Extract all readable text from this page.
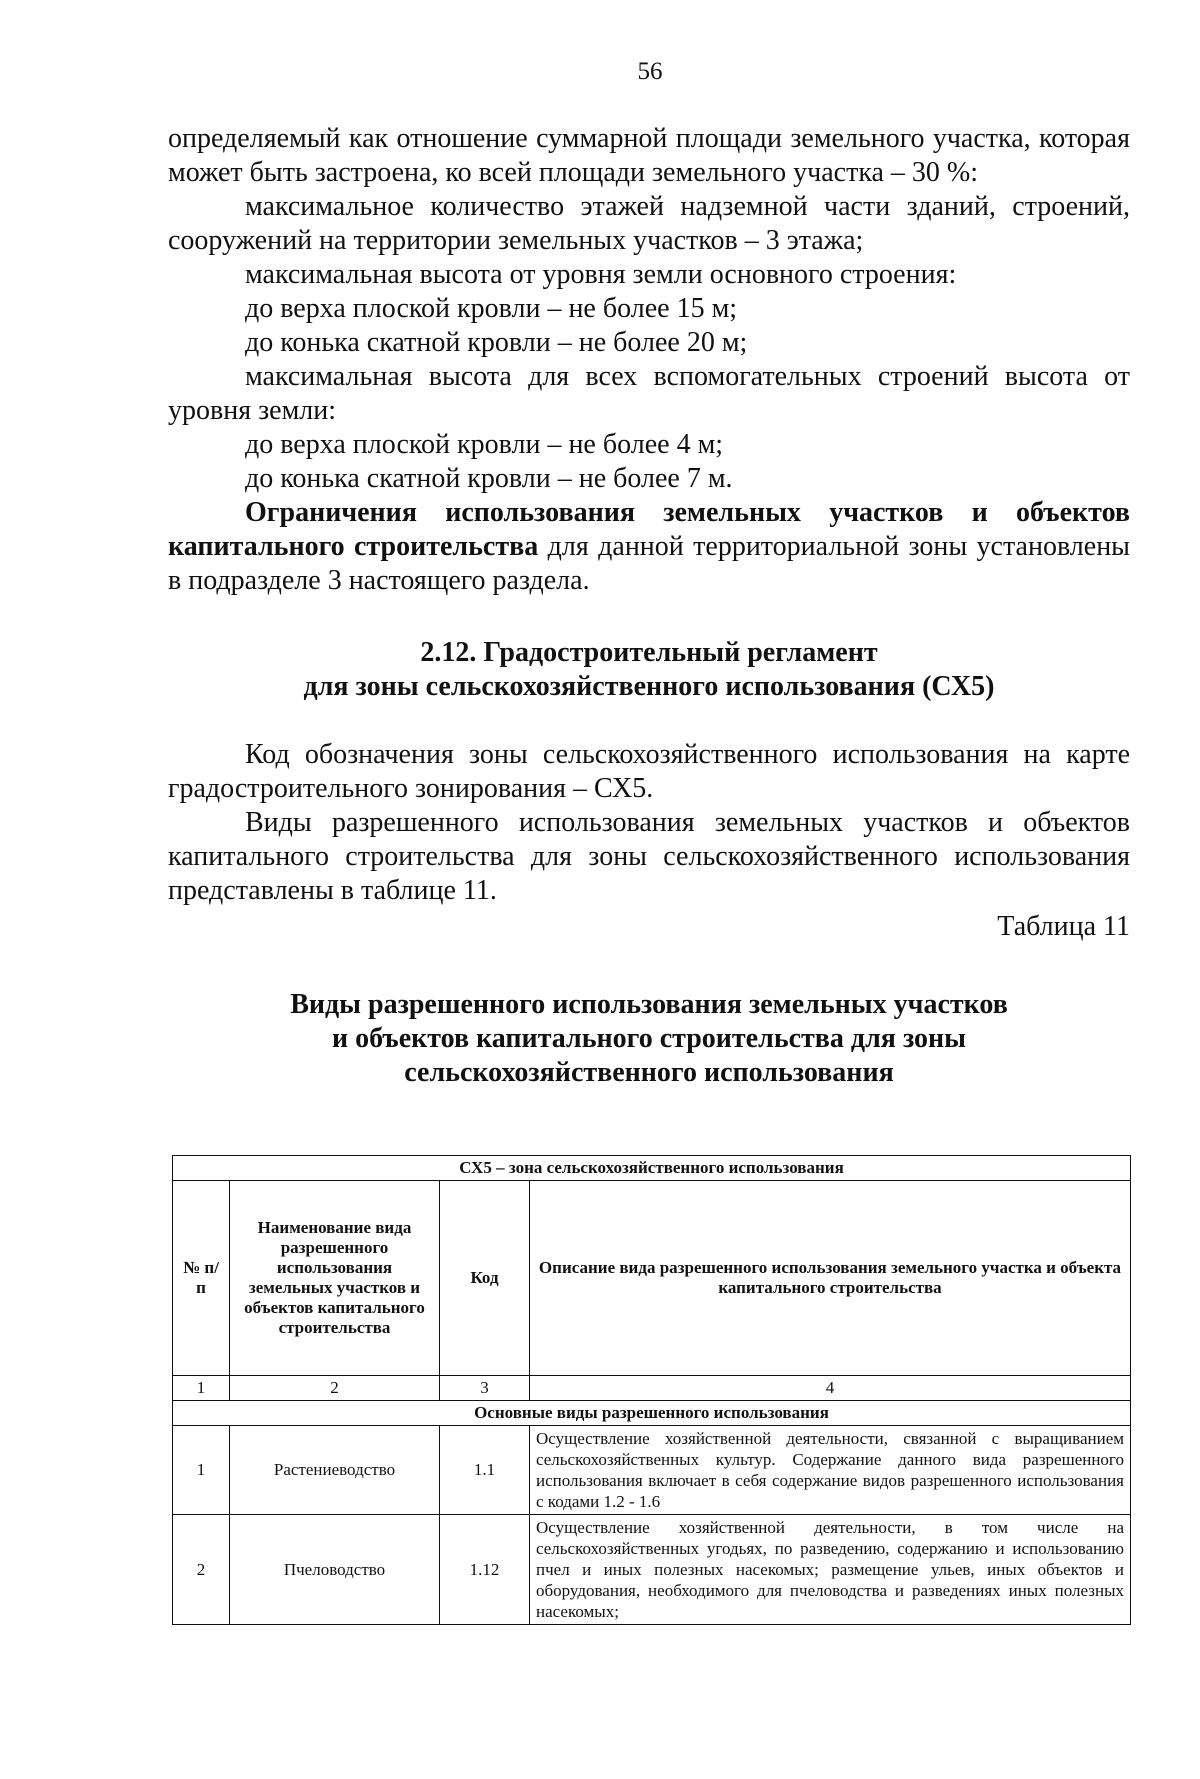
56

определяемый как отношение суммарной площади земельного участка, которая может быть застроена, ко всей площади земельного участка – 30 %:

максимальное количество этажей надземной части зданий, строений, сооружений на территории земельных участков – 3 этажа;

максимальная высота от уровня земли основного строения:

до верха плоской кровли – не более 15 м;

до конька скатной кровли – не более 20 м;

максимальная высота для всех вспомогательных строений высота от уровня земли:

до верха плоской кровли – не более 4 м;

до конька скатной кровли – не более 7 м.

Ограничения использования земельных участков и объектов капитального строительства для данной территориальной зоны установлены в подразделе 3 настоящего раздела.

2.12. Градостроительный регламент
для зоны сельскохозяйственного использования (СХ5)

Код обозначения зоны сельскохозяйственного использования на карте градостроительного зонирования – СХ5.

Виды разрешенного использования земельных участков и объектов капитального строительства для зоны сельскохозяйственного использования представлены в таблице 11.

Таблица 11

Виды разрешенного использования земельных участков
и объектов капитального строительства для зоны
сельскохозяйственного использования

СХ5 – зона сельскохозяйственного использования			
№ п/п	Наименование вида разрешенного использования земельных участков и объектов капитального строительства	Код	Описание вида разрешенного использования земельного участка и объекта капитального строительства
1	2	3	4
Основные виды разрешенного использования			
1	Растениеводство	1.1	Осуществление хозяйственной деятельности, связанной с выращиванием сельскохозяйственных культур. Содержание данного вида разрешенного использования включает в себя содержание видов разрешенного использования с кодами 1.2 - 1.6
2	Пчеловодство	1.12	Осуществление хозяйственной деятельности, в том числе на сельскохозяйственных угодьях, по разведению, содержанию и использованию пчел и иных полезных насекомых; размещение ульев, иных объектов и оборудования, необходимого для пчеловодства и разведениях иных полезных насекомых;
